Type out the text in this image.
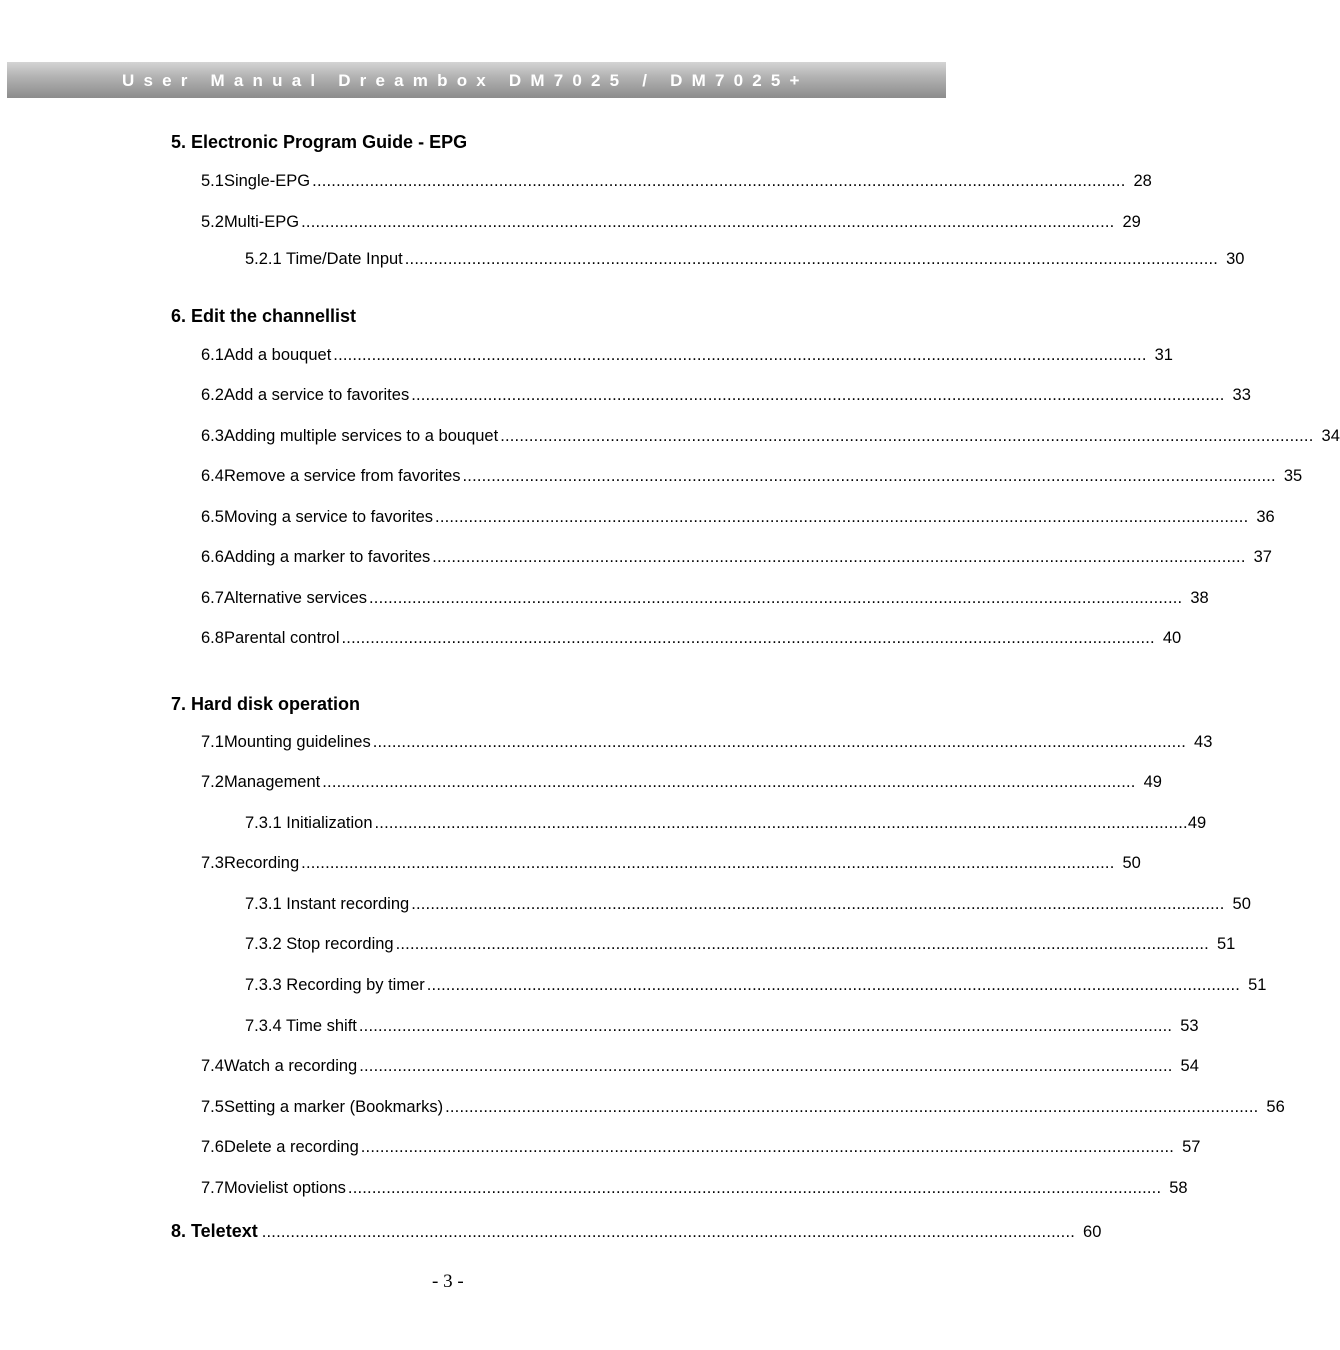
User Manual Dreambox DM7025 / DM7025+
5. Electronic Program Guide - EPG
5.1 Single-EPG .......................................................................................................................................................................... 28
5.2 Multi-EPG .......................................................................................................................................................................... 29
5.2.1 Time/Date Input .......................................................................................................................................................................... 30
6. Edit the channellist
6.1 Add a bouquet .......................................................................................................................................................................... 31
6.2 Add a service to favorites .......................................................................................................................................................................... 33
6.3 Adding multiple services to a bouquet .......................................................................................................................................................................... 34
6.4 Remove a service from favorites .......................................................................................................................................................................... 35
6.5 Moving a service to favorites .......................................................................................................................................................................... 36
6.6 Adding a marker to favorites .......................................................................................................................................................................... 37
6.7 Alternative services .......................................................................................................................................................................... 38
6.8 Parental control .......................................................................................................................................................................... 40
7. Hard disk operation
7.1 Mounting guidelines .......................................................................................................................................................................... 43
7.2 Management .......................................................................................................................................................................... 49
7.3.1 Initialization .......................................................................................................................................................................... 49
7.3 Recording .......................................................................................................................................................................... 50
7.3.1 Instant recording .......................................................................................................................................................................... 50
7.3.2 Stop recording .......................................................................................................................................................................... 51
7.3.3 Recording by timer .......................................................................................................................................................................... 51
7.3.4 Time shift .......................................................................................................................................................................... 53
7.4 Watch a recording .......................................................................................................................................................................... 54
7.5 Setting a marker (Bookmarks) .......................................................................................................................................................................... 56
7.6 Delete a recording .......................................................................................................................................................................... 57
7.7 Movielist options .......................................................................................................................................................................... 58
8. Teletext .......................................................................................................................................................................... 60
- 3 -
